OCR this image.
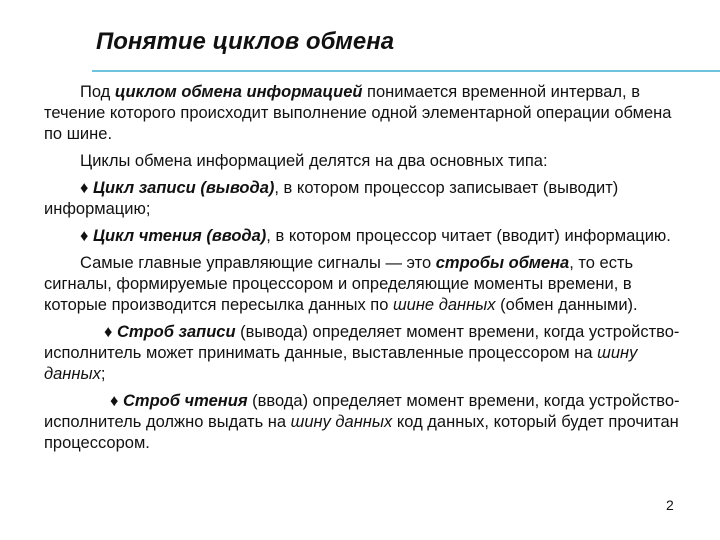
Понятие циклов обмена

Под циклом обмена информацией понимается временной интервал, в течение которого происходит выполнение одной элементарной операции обмена по шине.

Циклы обмена информацией делятся на два основных типа:

♦ Цикл записи (вывода), в котором процессор записывает (выводит) информацию;

♦ Цикл чтения (ввода), в котором процессор читает (вводит) информацию.

Самые главные управляющие сигналы — это стробы обмена, то есть сигналы, формируемые процессором и определяющие моменты времени, в которые производится пересылка данных по шине данных (обмен данными).

♦ Строб записи (вывода) определяет момент времени, когда устройство-исполнитель может принимать данные, выставленные процессором на шину данных;

♦ Строб чтения (ввода) определяет момент времени, когда устройство-исполнитель должно выдать на шину данных код данных, который будет прочитан процессором.

2
